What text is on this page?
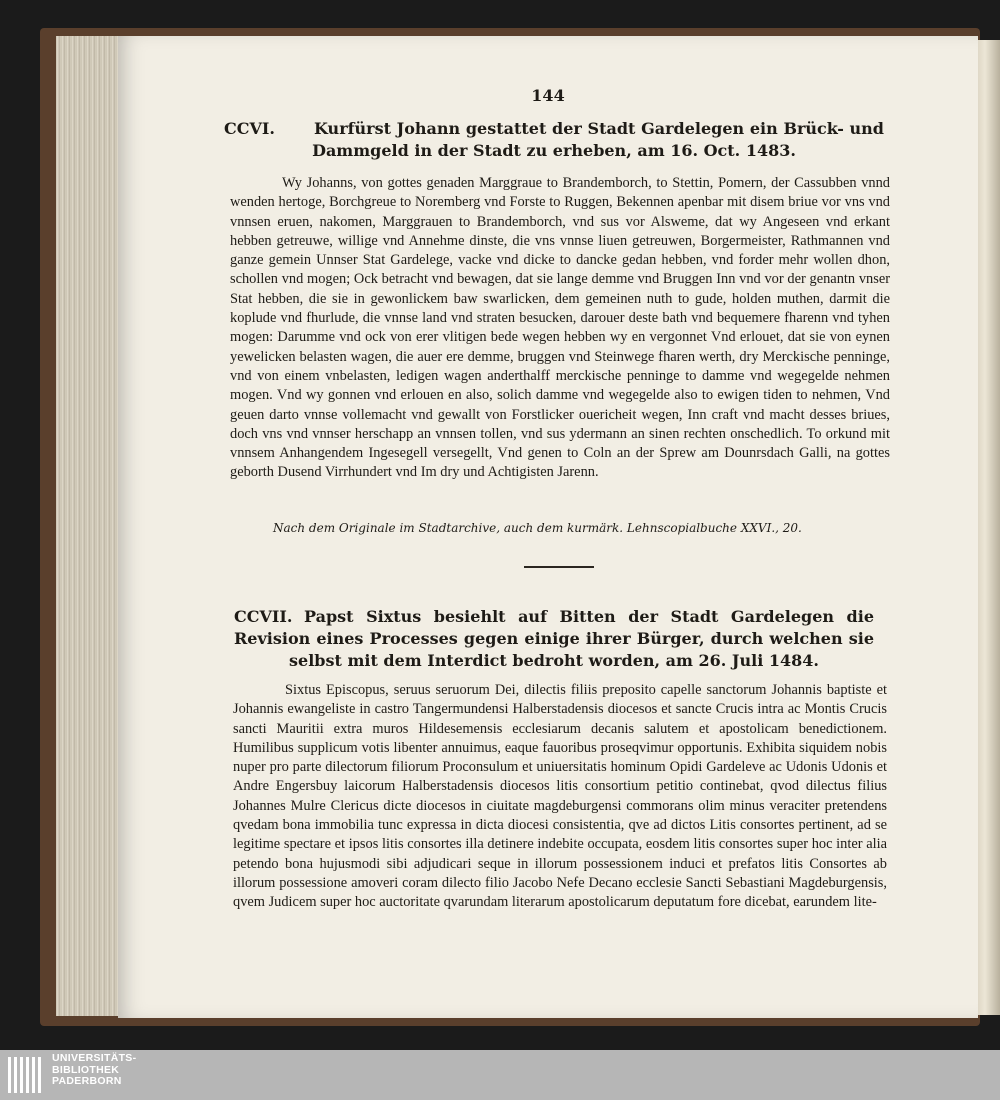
144
CCVI.	Kurfürst Johann gestattet der Stadt Gardelegen ein Brück- und Dammgeld in der Stadt zu erheben, am 16. Oct. 1483.
Wy Johanns, von gottes genaden Marggraue to Brandemborch, to Stettin, Pomern, der Cassubben vnnd wenden hertoge, Borchgreue to Noremberg vnd Forste to Ruggen, Bekennen apenbar mit disem briue vor vns vnd vnnsen eruen, nakomen, Marggrauen to Brandemborch, vnd sus vor Alsweme, dat wy Angeseen vnd erkant hebben getreuwe, willige vnd Annehme dinste, die vns vnnse liuen getreuwen, Borgermeister, Rathmannen vnd ganze gemein Unnser Stat Gardelege, vacke vnd dicke to dancke gedan hebben, vnd forder mehr wollen dhon, schollen vnd mogen; Ock betracht vnd bewagen, dat sie lange demme vnd Bruggen Inn vnd vor der genantn vnser Stat hebben, die sie in gewonlickem baw swarlicken, dem gemeinen nuth to gude, holden muthen, darmit die koplude vnd fhurlude, die vnnse land vnd straten besucken, darouer deste bath vnd bequemere fharenn vnd tyhen mogen: Darumme vnd ock von erer vlitigen bede wegen hebben wy en vergonnet Vnd erlouet, dat sie von eynen yewelicken belasten wagen, die auer ere demme, bruggen vnd Steinwege fharen werth, dry Merckische penninge, vnd von einem vnbelasten, ledigen wagen anderthalff merckische penninge to damme vnd wegegelde nehmen mogen. Vnd wy gonnen vnd erlouen en also, solich damme vnd wegegelde also to ewigen tiden to nehmen, Vnd geuen darto vnnse vollemacht vnd gewallt von Forstlicker ouericheit wegen, Inn craft vnd macht desses briues, doch vns vnd vnnser herschapp an vnnsen tollen, vnd sus ydermann an sinen rechten onschedlich. To orkund mit vnnsem Anhangendem Ingesegell versegellt, Vnd genen to Coln an der Sprew am Dounrsdach Galli, na gottes geborth Dusend Virrhundert vnd Im dry und Achtigisten Jarenn.
Nach dem Originale im Stadtarchive, auch dem kurmärk. Lehnscopialbuche XXVI., 20.
CCVII. Papst Sixtus besiehlt auf Bitten der Stadt Gardelegen die Revision eines Processes gegen einige ihrer Bürger, durch welchen sie selbst mit dem Interdict bedroht worden, am 26. Juli 1484.
Sixtus Episcopus, seruus seruorum Dei, dilectis filiis preposito capelle sanctorum Johannis baptiste et Johannis ewangeliste in castro Tangermundensi Halberstadensis diocesos et sancte Crucis intra ac Montis Crucis sancti Mauritii extra muros Hildesemensis ecclesiarum decanis salutem et apostolicam benedictionem. Humilibus supplicum votis libenter annuimus, eaque fauoribus proseqvimur opportunis. Exhibita siquidem nobis nuper pro parte dilectorum filiorum Proconsulum et uniuersitatis hominum Opidi Gardeleve ac Udonis Udonis et Andre Engersbuy laicorum Halberstadensis diocesos litis consortium petitio continebat, qvod dilectus filius Johannes Mulre Clericus dicte diocesos in ciuitate magdeburgensi commorans olim minus veraciter pretendens qvedam bona immobilia tunc expressa in dicta diocesi consistentia, qve ad dictos Litis consortes pertinent, ad se legitime spectare et ipsos litis consortes illa detinere indebite occupata, eosdem litis consortes super hoc inter alia petendo bona hujusmodi sibi adjudicari seque in illorum possessionem induci et prefatos litis Consortes ab illorum possessione amoveri coram dilecto filio Jacobo Nefe Decano ecclesie Sancti Sebastiani Magdeburgensis, qvem Judicem super hoc auctoritate qvarundam literarum apostolicarum deputatum fore dicebat, earundem lite-
UNIVERSITÄTS-
BIBLIOTHEK
PADERBORN
